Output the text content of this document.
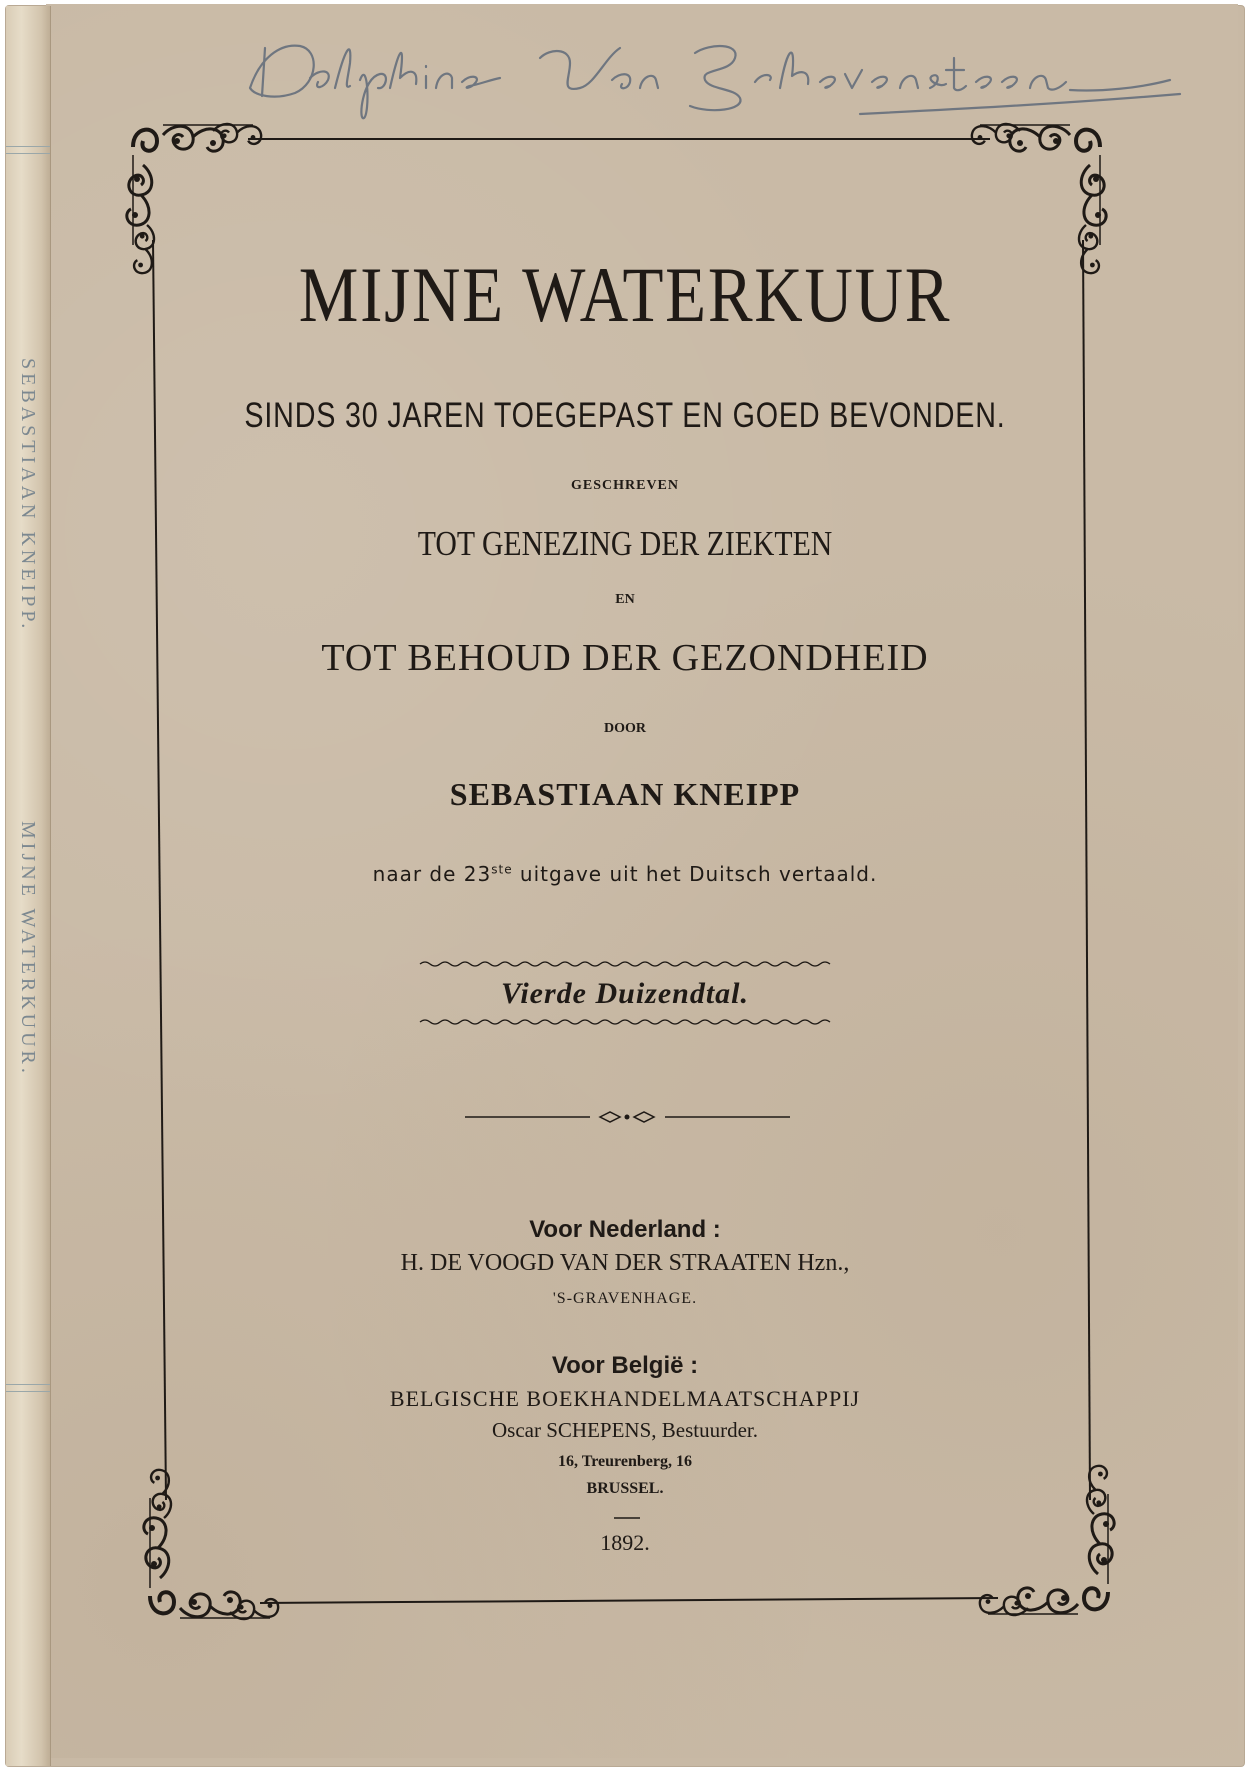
SEBASTIAAN KNEIPP.
MIJNE WATERKUUR.
MIJNE WATERKUUR
SINDS 30 JAREN TOEGEPAST EN GOED BEVONDEN.
GESCHREVEN
TOT GENEZING DER ZIEKTEN
EN
TOT BEHOUD DER GEZONDHEID
DOOR
SEBASTIAAN KNEIPP
naar de 23ste uitgave uit het Duitsch vertaald.
Vierde Duizendtal.
Voor Nederland :
H. DE VOOGD VAN DER STRAATEN Hzn.,
'S-GRAVENHAGE.
Voor België :
BELGISCHE BOEKHANDELMAATSCHAPPIJ
Oscar SCHEPENS, Bestuurder.
16, Treurenberg, 16
BRUSSEL.
1892.
